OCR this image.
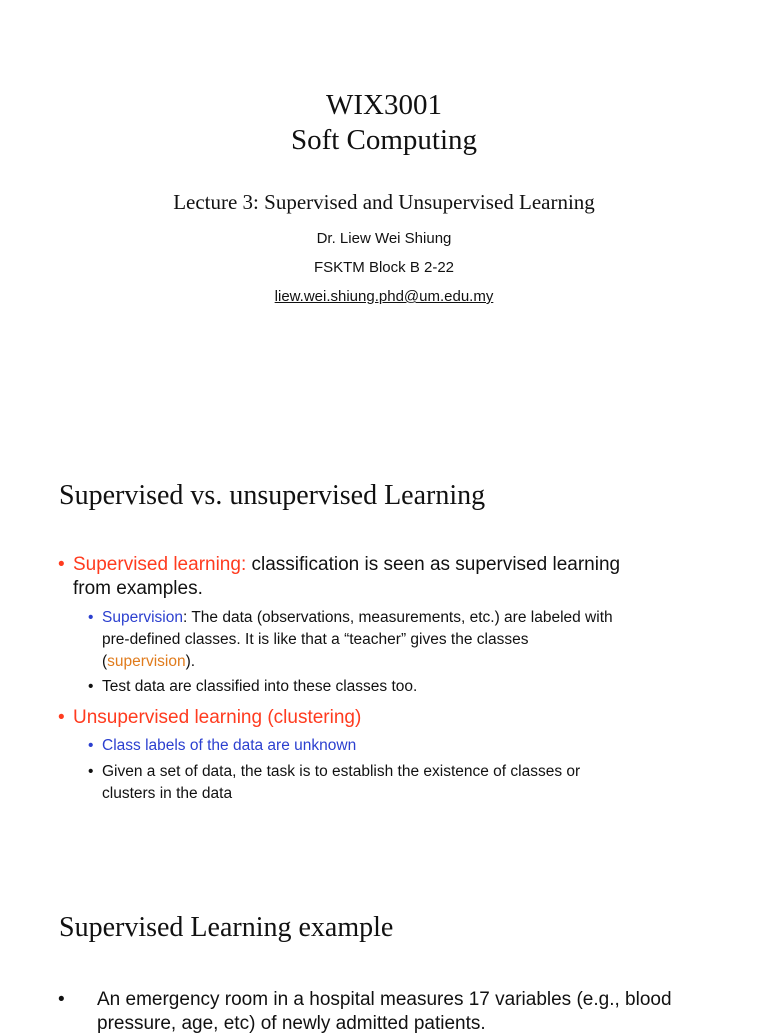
WIX3001
Soft Computing
Lecture 3: Supervised and Unsupervised Learning
Dr. Liew Wei Shiung
FSKTM Block B 2-22
liew.wei.shiung.phd@um.edu.my
Supervised vs. unsupervised Learning
• Supervised learning: classification is seen as supervised learning
from examples.
• Supervision: The data (observations, measurements, etc.) are labeled with
pre-defined classes. It is like that a “teacher” gives the classes
(supervision).
• Test data are classified into these classes too.
• Unsupervised learning (clustering)
• Class labels of the data are unknown
• Given a set of data, the task is to establish the existence of classes or
clusters in the data
Supervised Learning example
• An emergency room in a hospital measures 17 variables (e.g., blood
pressure, age, etc) of newly admitted patients.
